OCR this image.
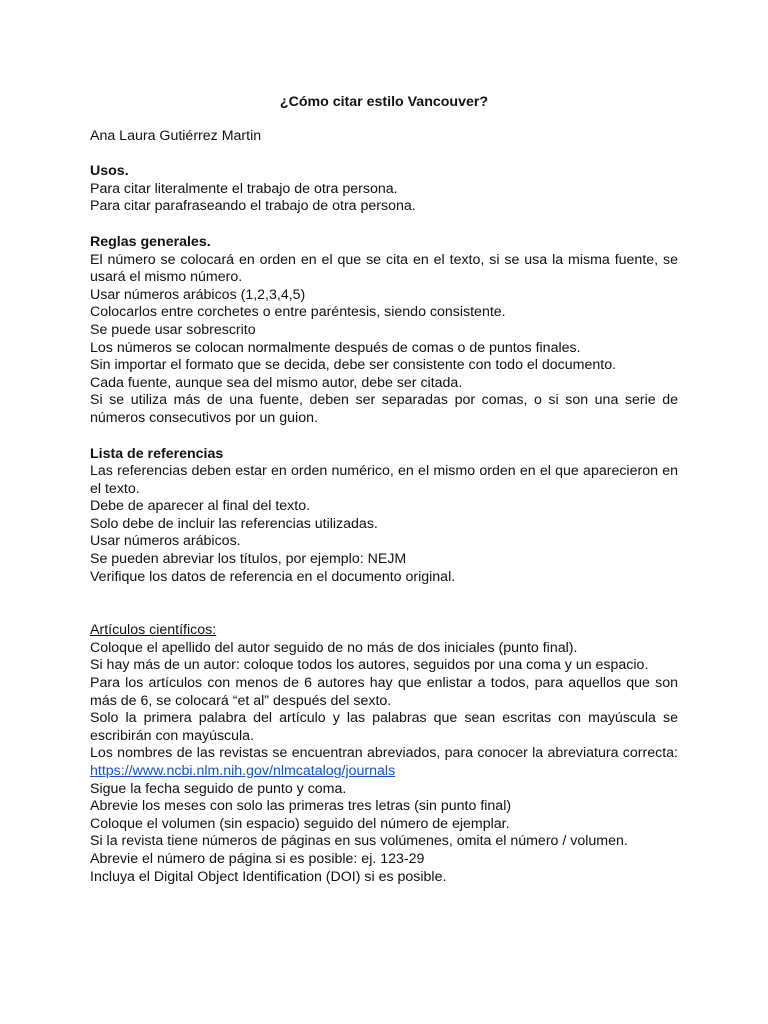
¿Cómo citar estilo Vancouver?

Ana Laura Gutiérrez Martin

Usos.

Para citar literalmente el trabajo de otra persona.

Para citar parafraseando el trabajo de otra persona.

Reglas generales.

El número se colocará en orden en el que se cita en el texto, si se usa la misma fuente, se usará el mismo número.

Usar números arábicos (1,2,3,4,5)

Colocarlos entre corchetes o entre paréntesis, siendo consistente.

Se puede usar sobrescrito

Los números se colocan normalmente después de comas o de puntos finales.

Sin importar el formato que se decida, debe ser consistente con todo el documento.

Cada fuente, aunque sea del mismo autor, debe ser citada.

Si se utiliza más de una fuente, deben ser separadas por comas, o si son una serie de números consecutivos por un guion.

Lista de referencias

Las referencias deben estar en orden numérico, en el mismo orden en el que aparecieron en el texto.

Debe de aparecer al final del texto.

Solo debe de incluir las referencias utilizadas.

Usar números arábicos.

Se pueden abreviar los títulos, por ejemplo: NEJM

Verifique los datos de referencia en el documento original.

Artículos científicos:

Coloque el apellido del autor seguido de no más de dos iniciales (punto final).

Si hay más de un autor: coloque todos los autores, seguidos por una coma y un espacio.

Para los artículos con menos de 6 autores hay que enlistar a todos, para aquellos que son más de 6, se colocará “et al” después del sexto.

Solo la primera palabra del artículo y las palabras que sean escritas con mayúscula se escribirán con mayúscula.

Los nombres de las revistas se encuentran abreviados, para conocer la abreviatura correcta: https://www.ncbi.nlm.nih.gov/nlmcatalog/journals

Sigue la fecha seguido de punto y coma.

Abrevie los meses con solo las primeras tres letras (sin punto final)

Coloque el volumen (sin espacio) seguido del número de ejemplar.

Si la revista tiene números de páginas en sus volúmenes, omita el número / volumen.

Abrevie el número de página si es posible: ej. 123-29

Incluya el Digital Object Identification (DOI) si es posible.
